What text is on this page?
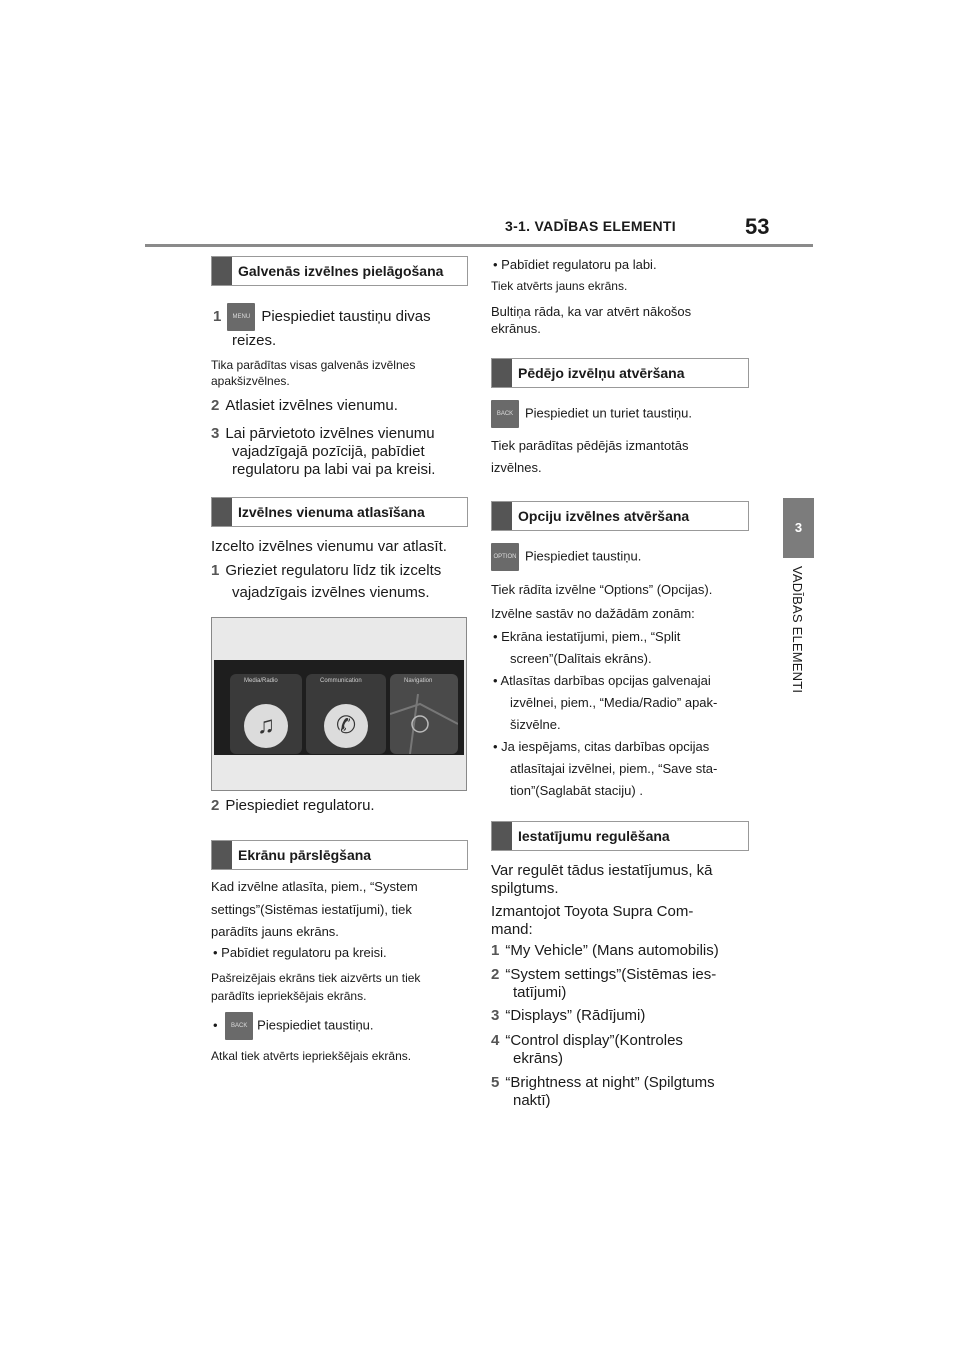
3-1. VADĪBAS ELEMENTI	53
3
VADĪBAS ELEMENTI
Galvenās izvēlnes pielāgošana
1 MENU Piespiediet taustiņu divas
reizes.
Tika parādītas visas galvenās izvēlnes
apakšizvēlnes.
2 Atlasiet izvēlnes vienumu.
3 Lai pārvietoto izvēlnes vienumu
vajadzīgajā pozīcijā, pabīdiet
regulatoru pa labi vai pa kreisi.
Izvēlnes vienuma atlasīšana
Izcelto izvēlnes vienumu var atlasīt.
1 Grieziet regulatoru līdz tik izcelts
vajadzīgais izvēlnes vienums.
Media/Radio
♫
Communication
✆
Navigation
2 Piespiediet regulatoru.
Ekrānu pārslēgšana
Kad izvēlne atlasīta, piem., “System
settings”(Sistēmas iestatījumi), tiek
parādīts jauns ekrāns.
• Pabīdiet regulatoru pa kreisi.
Pašreizējais ekrāns tiek aizvērts un tiek
parādīts iepriekšējais ekrāns.
• BACK Piespiediet taustiņu.
Atkal tiek atvērts iepriekšējais ekrāns.
• Pabīdiet regulatoru pa labi.
Tiek atvērts jauns ekrāns.
Bultiņa rāda, ka var atvērt nākošos
ekrānus.
Pēdējo izvēlņu atvēršana
BACK Piespiediet un turiet taustiņu.
Tiek parādītas pēdējās izmantotās
izvēlnes.
Opciju izvēlnes atvēršana
OPTION Piespiediet taustiņu.
Tiek rādīta izvēlne “Options” (Opcijas).
Izvēlne sastāv no dažādām zonām:
• Ekrāna iestatījumi, piem., “Split
screen”(Dalītais ekrāns).
• Atlasītas darbības opcijas galvenajai
izvēlnei, piem., “Media/Radio” apak-
šizvēlne.
• Ja iespējams, citas darbības opcijas
atlasītajai izvēlnei, piem., “Save sta-
tion”(Saglabāt staciju) .
Iestatījumu regulēšana
Var regulēt tādus iestatījumus, kā
spilgtums.
Izmantojot Toyota Supra Com-
mand:
1 “My Vehicle” (Mans automobilis)
2 “System settings”(Sistēmas ies-
tatījumi)
3 “Displays” (Rādījumi)
4 “Control display”(Kontroles
ekrāns)
5 “Brightness at night” (Spilgtums
naktī)
